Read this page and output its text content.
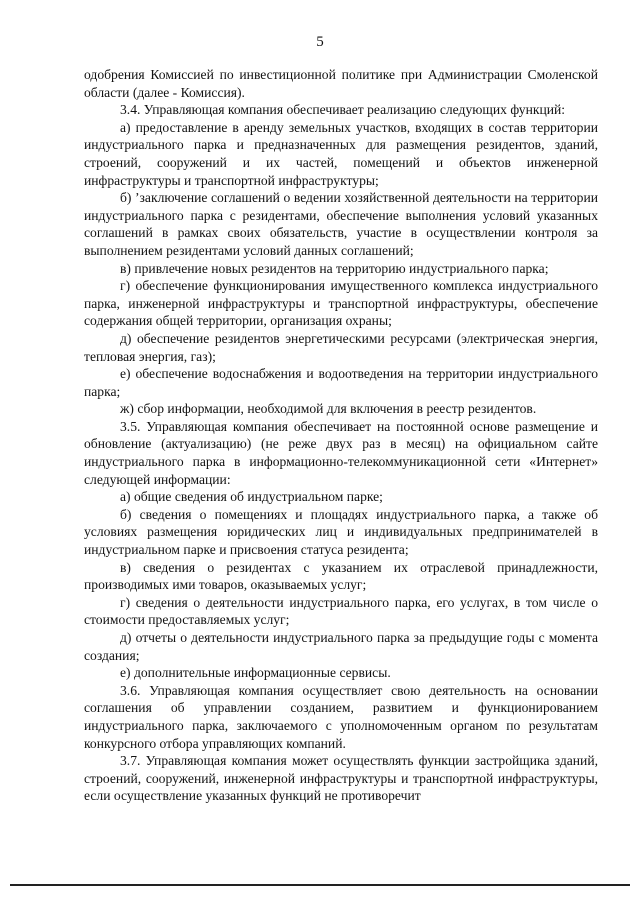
5

одобрения Комиссией по инвестиционной политике при Администрации Смоленской области (далее - Комиссия).

3.4. Управляющая компания обеспечивает реализацию следующих функций:

а) предоставление в аренду земельных участков, входящих в состав территории индустриального парка и предназначенных для размещения резидентов, зданий, строений, сооружений и их частей, помещений и объектов инженерной инфраструктуры и транспортной инфраструктуры;

б) ’заключение соглашений о ведении хозяйственной деятельности на территории индустриального парка с резидентами, обеспечение выполнения условий указанных соглашений в рамках своих обязательств, участие в осуществлении контроля за выполнением резидентами условий данных соглашений;

в) привлечение новых резидентов на территорию индустриального парка;

г) обеспечение функционирования имущественного комплекса индустриального парка, инженерной инфраструктуры и транспортной инфраструктуры, обеспечение содержания общей территории, организация охраны;

д) обеспечение резидентов энергетическими ресурсами (электрическая энергия, тепловая энергия, газ);

е) обеспечение водоснабжения и водоотведения на территории индустриального парка;

ж) сбор информации, необходимой для включения в реестр резидентов.

3.5. Управляющая компания обеспечивает на постоянной основе размещение и обновление (актуализацию) (не реже двух раз в месяц) на официальном сайте индустриального парка в информационно-телекоммуникационной сети «Интернет» следующей информации:

а) общие сведения об индустриальном парке;

б) сведения о помещениях и площадях индустриального парка, а также об условиях размещения юридических лиц и индивидуальных предпринимателей в индустриальном парке и присвоения статуса резидента;

в) сведения о резидентах с указанием их отраслевой принадлежности, производимых ими товаров, оказываемых услуг;

г) сведения о деятельности индустриального парка, его услугах, в том числе о стоимости предоставляемых услуг;

д) отчеты о деятельности индустриального парка за предыдущие годы с момента создания;

е) дополнительные информационные сервисы.

3.6. Управляющая компания осуществляет свою деятельность на основании соглашения об управлении созданием, развитием и функционированием индустриального парка, заключаемого с уполномоченным органом по результатам конкурсного отбора управляющих компаний.

3.7. Управляющая компания может осуществлять функции застройщика зданий, строений, сооружений, инженерной инфраструктуры и транспортной инфраструктуры, если осуществление указанных функций не противоречит
